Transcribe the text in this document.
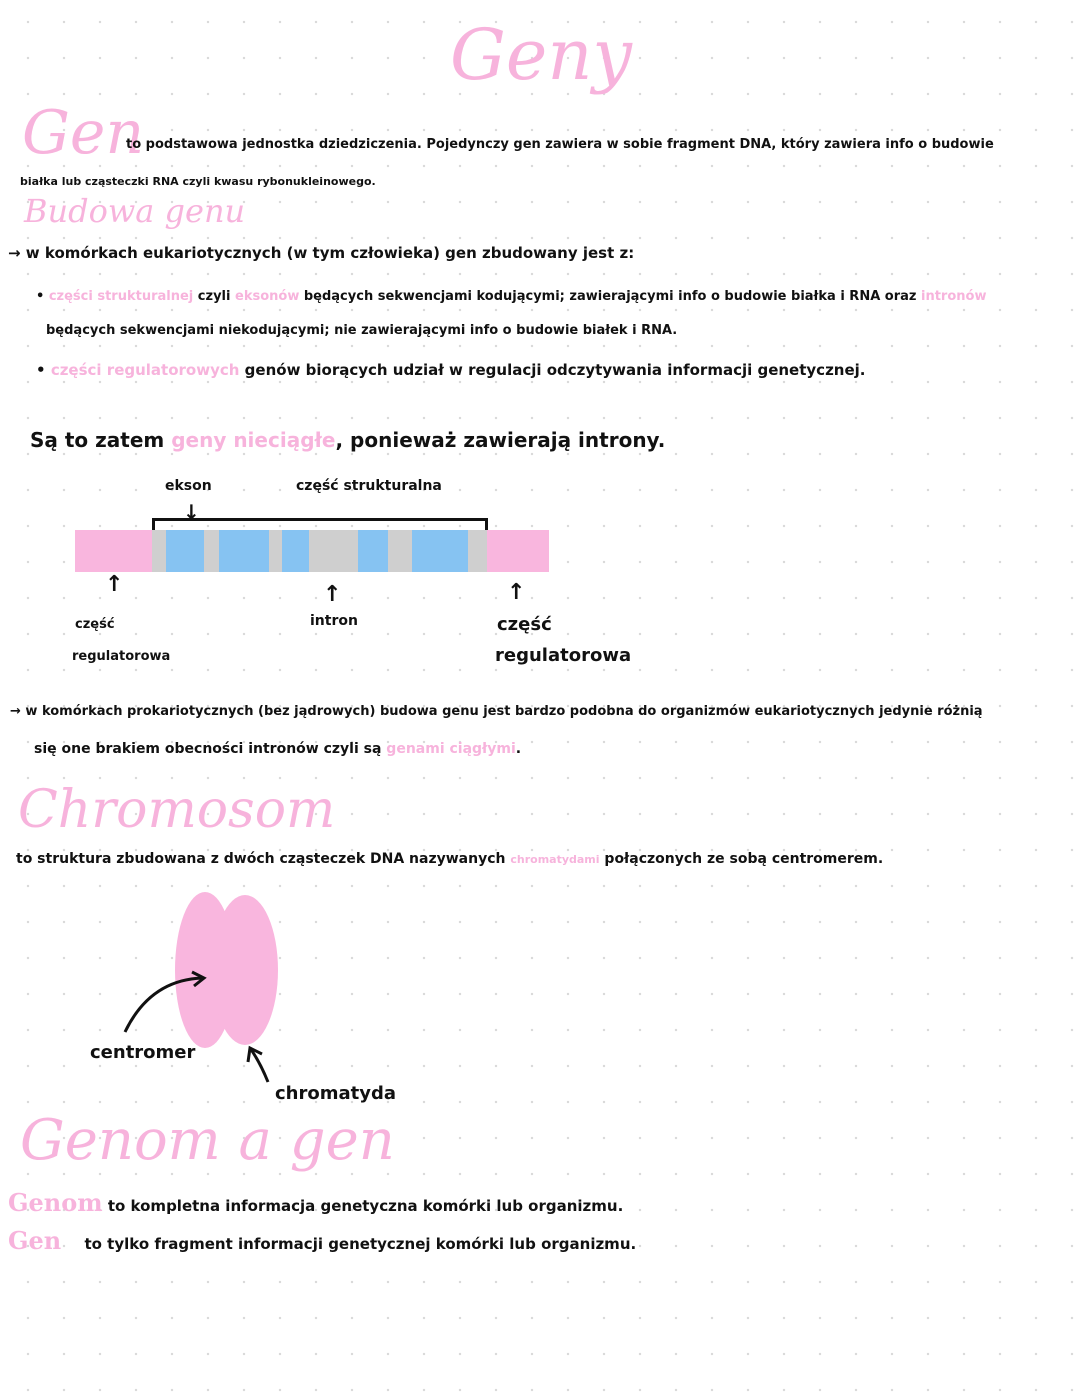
Geny
Gen
to podstawowa jednostka dziedziczenia. Pojedynczy gen zawiera w sobie fragment DNA, który zawiera info o budowie
białka lub cząsteczki RNA czyli kwasu rybonukleinowego.
Budowa genu
→ w komórkach eukariotycznych (w tym człowieka) gen zbudowany jest z:
• części strukturalnej czyli eksonów będących sekwencjami kodującymi; zawierającymi info o budowie białka i RNA oraz intronów
będących sekwencjami niekodującymi; nie zawierającymi info o budowie białek i RNA.
• części regulatorowych genów biorących udział w regulacji odczytywania informacji genetycznej.
Są to zatem geny nieciągłe, ponieważ zawierają introny.
ekson	część strukturalna
↓
↑	↑	↑
część
regulatorowa
intron	część
regulatorowa
→ w komórkach prokariotycznych (bez jądrowych) budowa genu jest bardzo podobna do organizmów eukariotycznych jedynie różnią
się one brakiem obecności intronów czyli są genami ciągłymi.
Chromosom
to struktura zbudowana z dwóch cząsteczek DNA nazywanych chromatydami połączonych ze sobą centromerem.
centromer
chromatyda
Genom a gen
Genom to kompletna informacja genetyczna komórki lub organizmu.
Gen to tylko fragment informacji genetycznej komórki lub organizmu.
